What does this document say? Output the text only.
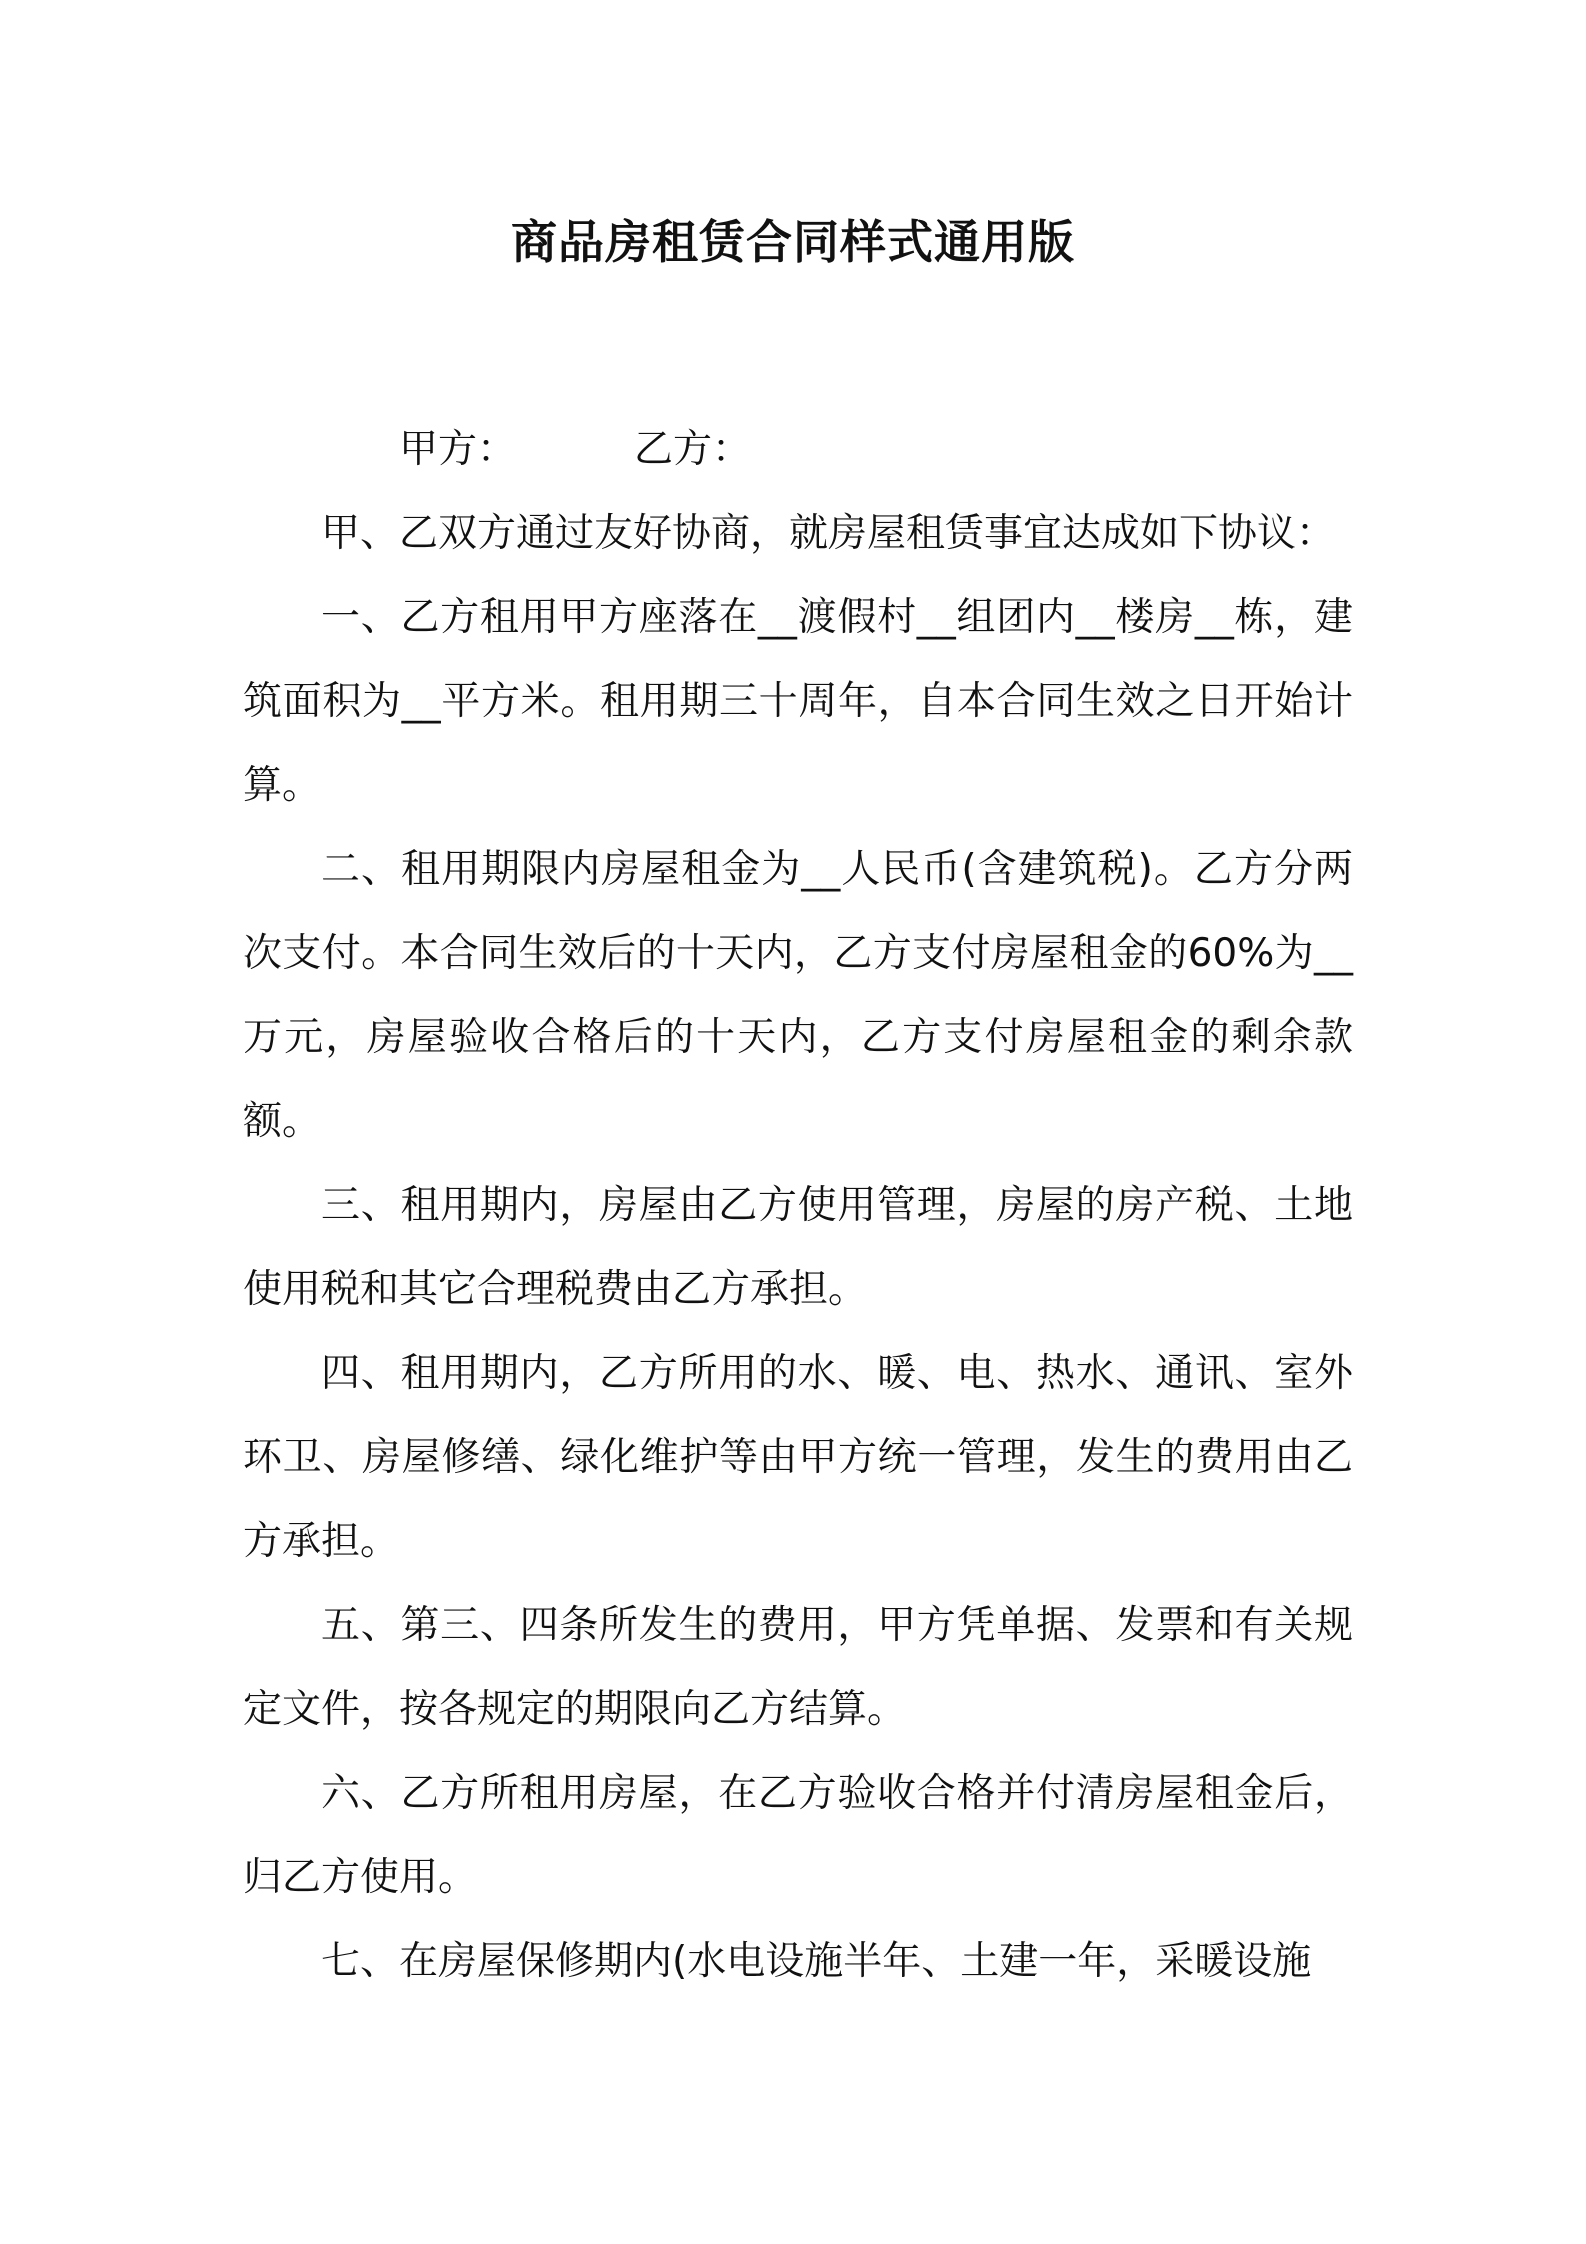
商品房租赁合同样式通用版

甲方：	乙方：

甲、乙双方通过友好协商，就房屋租赁事宜达成如下协议：

一、乙方租用甲方座落在__渡假村__组团内__楼房__栋，建筑面积为__平方米。租用期三十周年，自本合同生效之日开始计算。

二、租用期限内房屋租金为__人民币(含建筑税)。乙方分两次支付。本合同生效后的十天内，乙方支付房屋租金的60%为__万元，房屋验收合格后的十天内，乙方支付房屋租金的剩余款额。

三、租用期内，房屋由乙方使用管理，房屋的房产税、土地使用税和其它合理税费由乙方承担。

四、租用期内，乙方所用的水、暖、电、热水、通讯、室外环卫、房屋修缮、绿化维护等由甲方统一管理，发生的费用由乙方承担。

五、第三、四条所发生的费用，甲方凭单据、发票和有关规定文件，按各规定的期限向乙方结算。

六、乙方所租用房屋，在乙方验收合格并付清房屋租金后，归乙方使用。

七、在房屋保修期内(水电设施半年、土建一年，采暖设施
